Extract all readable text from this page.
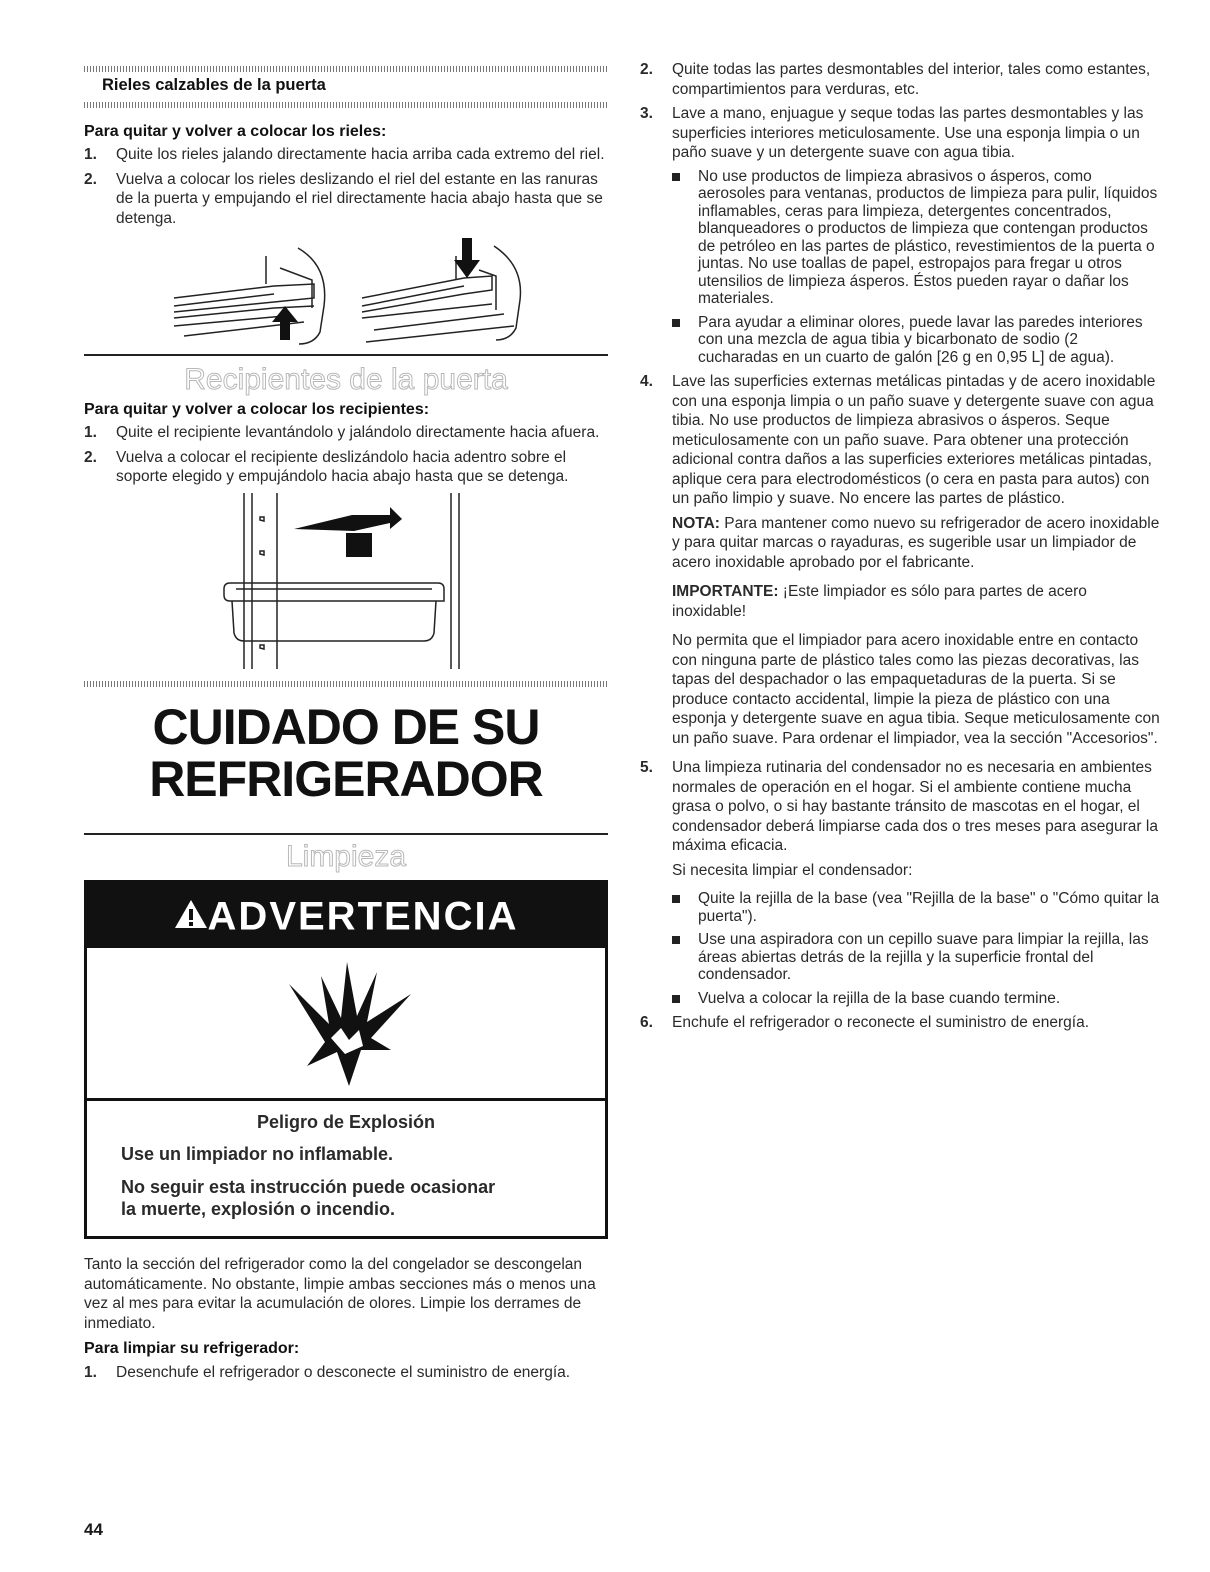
Rieles calzables de la puerta
Para quitar y volver a colocar los rieles:
1. Quite los rieles jalando directamente hacia arriba cada extremo del riel.
2. Vuelva a colocar los rieles deslizando el riel del estante en las ranuras de la puerta y empujando el riel directamente hacia abajo hasta que se detenga.
Recipientes de la puerta
Para quitar y volver a colocar los recipientes:
1. Quite el recipiente levantándolo y jalándolo directamente hacia afuera.
2. Vuelva a colocar el recipiente deslizándolo hacia adentro sobre el soporte elegido y empujándolo hacia abajo hasta que se detenga.
CUIDADO DE SU
REFRIGERADOR
Limpieza
ADVERTENCIA
Peligro de Explosión
Use un limpiador no inflamable.
No seguir esta instrucción puede ocasionar
la muerte, explosión o incendio.

Tanto la sección del refrigerador como la del congelador se descongelan automáticamente. No obstante, limpie ambas secciones más o menos una vez al mes para evitar la acumulación de olores. Limpie los derrames de inmediato.

Para limpiar su refrigerador:
1. Desenchufe el refrigerador o desconecte el suministro de energía.
44
2. Quite todas las partes desmontables del interior, tales como estantes, compartimientos para verduras, etc.
3. Lave a mano, enjuague y seque todas las partes desmontables y las superficies interiores meticulosamente. Use una esponja limpia o un paño suave y un detergente suave con agua tibia.
No use productos de limpieza abrasivos o ásperos, como aerosoles para ventanas, productos de limpieza para pulir, líquidos inflamables, ceras para limpieza, detergentes concentrados, blanqueadores o productos de limpieza que contengan productos de petróleo en las partes de plástico, revestimientos de la puerta o juntas. No use toallas de papel, estropajos para fregar u otros utensilios de limpieza ásperos. Éstos pueden rayar o dañar los materiales.
Para ayudar a eliminar olores, puede lavar las paredes interiores con una mezcla de agua tibia y bicarbonato de sodio (2 cucharadas en un cuarto de galón [26 g en 0,95 L] de agua).
4. Lave las superficies externas metálicas pintadas y de acero inoxidable con una esponja limpia o un paño suave y detergente suave con agua tibia. No use productos de limpieza abrasivos o ásperos. Seque meticulosamente con un paño suave. Para obtener una protección adicional contra daños a las superficies exteriores metálicas pintadas, aplique cera para electrodomésticos (o cera en pasta para autos) con un paño limpio y suave. No encere las partes de plástico.

NOTA: Para mantener como nuevo su refrigerador de acero inoxidable y para quitar marcas o rayaduras, es sugerible usar un limpiador de acero inoxidable aprobado por el fabricante.

IMPORTANTE: ¡Este limpiador es sólo para partes de acero inoxidable!

No permita que el limpiador para acero inoxidable entre en contacto con ninguna parte de plástico tales como las piezas decorativas, las tapas del despachador o las empaquetaduras de la puerta. Si se produce contacto accidental, limpie la pieza de plástico con una esponja y detergente suave en agua tibia. Seque meticulosamente con un paño suave. Para ordenar el limpiador, vea la sección "Accesorios".

5. Una limpieza rutinaria del condensador no es necesaria en ambientes normales de operación en el hogar. Si el ambiente contiene mucha grasa o polvo, o si hay bastante tránsito de mascotas en el hogar, el condensador deberá limpiarse cada dos o tres meses para asegurar la máxima eficacia.

Si necesita limpiar el condensador:

Quite la rejilla de la base (vea "Rejilla de la base" o "Cómo quitar la puerta").
Use una aspiradora con un cepillo suave para limpiar la rejilla, las áreas abiertas detrás de la rejilla y la superficie frontal del condensador.
Vuelva a colocar la rejilla de la base cuando termine.
6. Enchufe el refrigerador o reconecte el suministro de energía.
